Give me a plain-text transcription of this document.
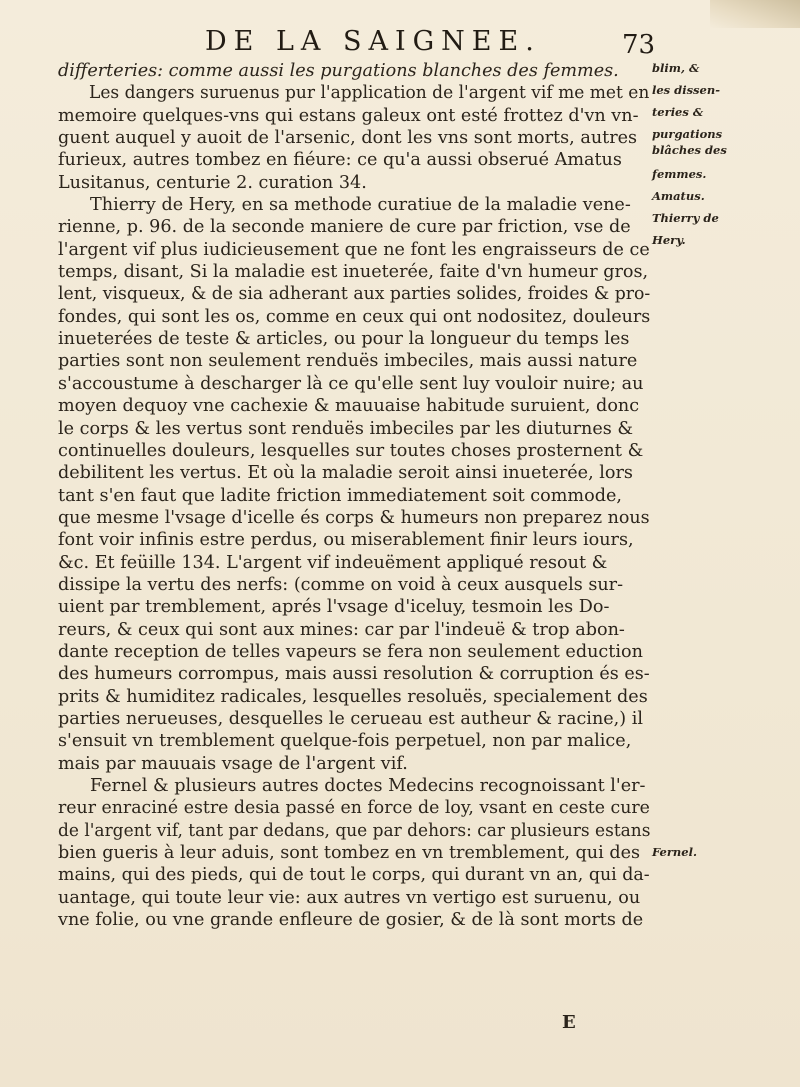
DE LA SAIGNEE.	73
differteries: comme aussi les purgations blanches des femmes.
Les dangers suruenus pur l'application de l'argent vif me met en
memoire quelques-vns qui estans galeux ont esté frottez d'vn vn-
guent auquel y auoit de l'arsenic, dont les vns sont morts, autres
furieux, autres tombez en fiéure: ce qu'a aussi obserué Amatus
Lusitanus, centurie 2. curation 34.
Thierry de Hery, en sa methode curatiue de la maladie vene-
rienne, p. 96. de la seconde maniere de cure par friction, vse de
l'argent vif plus iudicieusement que ne font les engraisseurs de ce
temps, disant, Si la maladie est inueterée, faite d'vn humeur gros,
lent, visqueux, & de sia adherant aux parties solides, froides & pro-
fondes, qui sont les os, comme en ceux qui ont nodositez, douleurs
inueterées de teste & articles, ou pour la longueur du temps les
parties sont non seulement renduës imbeciles, mais aussi nature
s'accoustume à descharger là ce qu'elle sent luy vouloir nuire; au
moyen dequoy vne cachexie & mauuaise habitude suruient, donc
le corps & les vertus sont renduës imbeciles par les diuturnes &
continuelles douleurs, lesquelles sur toutes choses prosternent &
debilitent les vertus. Et où la maladie seroit ainsi inueterée, lors
tant s'en faut que ladite friction immediatement soit commode,
que mesme l'vsage d'icelle és corps & humeurs non preparez nous
font voir infinis estre perdus, ou miserablement finir leurs iours,
&c. Et feüille 134. L'argent vif indeuëment appliqué resout &
dissipe la vertu des nerfs: (comme on void à ceux ausquels sur-
uient par tremblement, aprés l'vsage d'iceluy, tesmoin les Do-
reurs, & ceux qui sont aux mines: car par l'indeuë & trop abon-
dante reception de telles vapeurs se fera non seulement eduction
des humeurs corrompus, mais aussi resolution & corruption és es-
prits & humiditez radicales, lesquelles resoluës, specialement des
parties nerueuses, desquelles le cerueau est autheur & racine,) il
s'ensuit vn tremblement quelque-fois perpetuel, non par malice,
mais par mauuais vsage de l'argent vif.
Fernel & plusieurs autres doctes Medecins recognoissant l'er-
reur enraciné estre desia passé en force de loy, vsant en ceste cure
de l'argent vif, tant par dedans, que par dehors: car plusieurs estans
bien gueris à leur aduis, sont tombez en vn tremblement, qui des
mains, qui des pieds, qui de tout le corps, qui durant vn an, qui da-
uantage, qui toute leur vie: aux autres vn vertigo est suruenu, ou
vne folie, ou vne grande enfleure de gosier, & de là sont morts de
blim, &
les dissen-
teries &
purgations
blâches des
femmes.
Amatus.
Thierry de
Hery.
Fernel.
E
